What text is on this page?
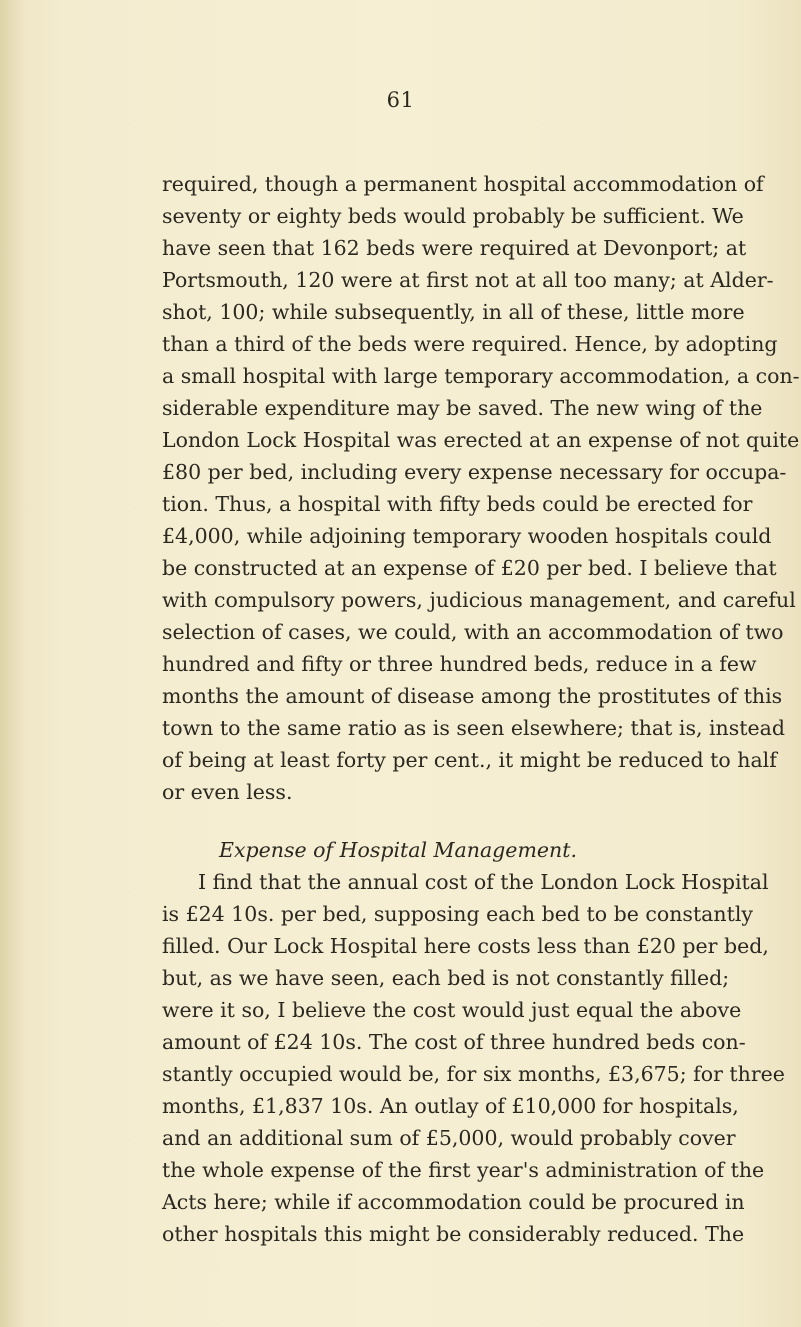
61
required, though a permanent hospital accommodation of
seventy or eighty beds would probably be sufficient. We
have seen that 162 beds were required at Devonport; at
Portsmouth, 120 were at first not at all too many; at Alder-
shot, 100; while subsequently, in all of these, little more
than a third of the beds were required. Hence, by adopting
a small hospital with large temporary accommodation, a con-
siderable expenditure may be saved. The new wing of the
London Lock Hospital was erected at an expense of not quite
£80 per bed, including every expense necessary for occupa-
tion. Thus, a hospital with fifty beds could be erected for
£4,000, while adjoining temporary wooden hospitals could
be constructed at an expense of £20 per bed. I believe that
with compulsory powers, judicious management, and careful
selection of cases, we could, with an accommodation of two
hundred and fifty or three hundred beds, reduce in a few
months the amount of disease among the prostitutes of this
town to the same ratio as is seen elsewhere; that is, instead
of being at least forty per cent., it might be reduced to half
or even less.
Expense of Hospital Management.
I find that the annual cost of the London Lock Hospital
is £24 10s. per bed, supposing each bed to be constantly
filled. Our Lock Hospital here costs less than £20 per bed,
but, as we have seen, each bed is not constantly filled;
were it so, I believe the cost would just equal the above
amount of £24 10s. The cost of three hundred beds con-
stantly occupied would be, for six months, £3,675; for three
months, £1,837 10s. An outlay of £10,000 for hospitals,
and an additional sum of £5,000, would probably cover
the whole expense of the first year's administration of the
Acts here; while if accommodation could be procured in
other hospitals this might be considerably reduced. The
